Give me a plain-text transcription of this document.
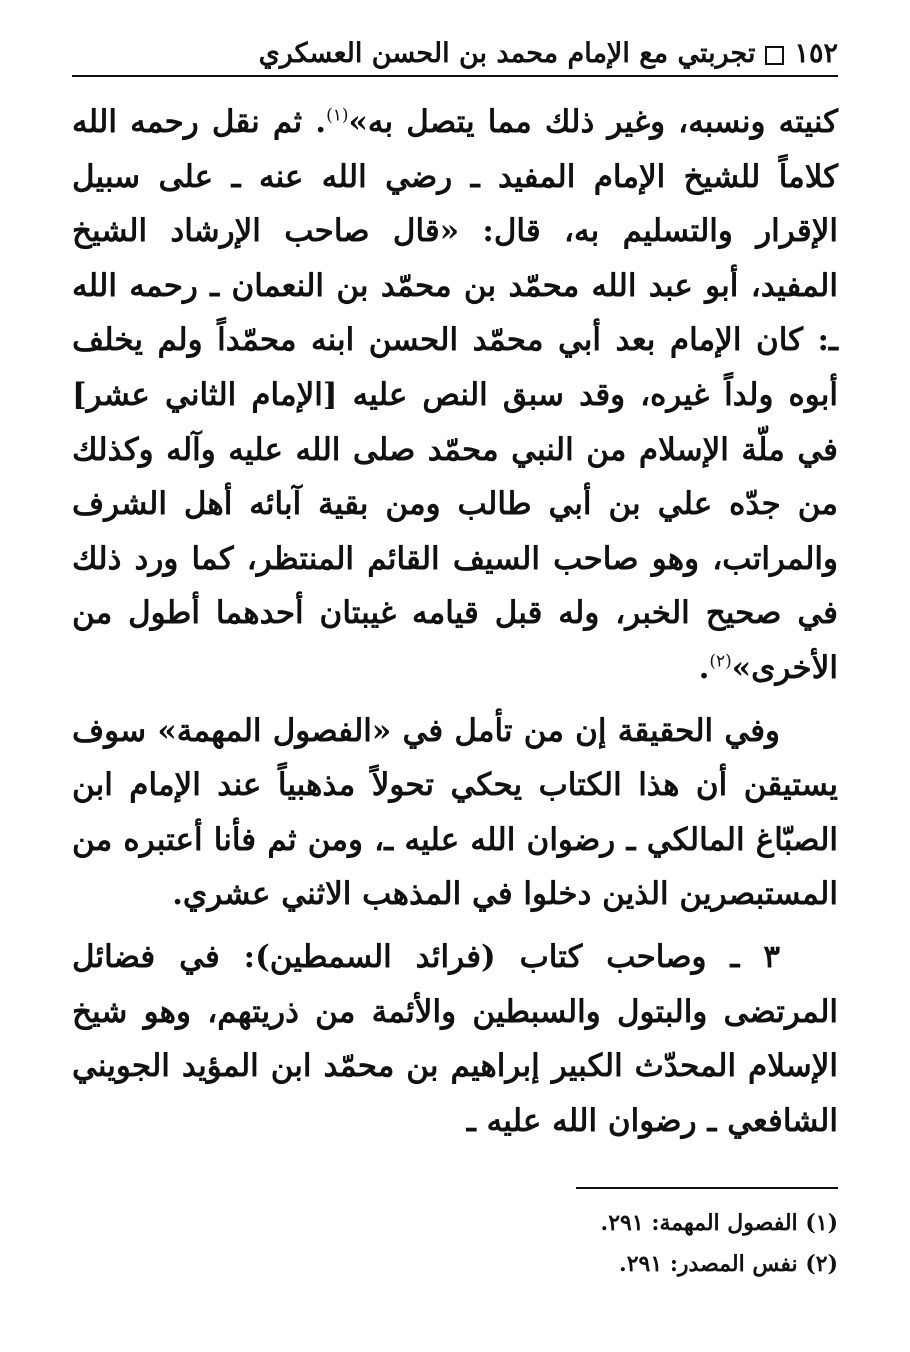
١٥٢
تجربتي مع الإمام محمد بن الحسن العسكري

كنيته ونسبه، وغير ذلك مما يتصل به»$^{(١)}$. ثم نقل رحمه الله كلاماً للشيخ الإمام المفيد ـ رضي الله عنه ـ على سبيل الإقرار والتسليم به، قال: «قال صاحب الإرشاد الشيخ المفيد، أبو عبد الله محمّد بن محمّد بن النعمان ـ رحمه الله ـ: كان الإمام بعد أبي محمّد الحسن ابنه محمّداً ولم يخلف أبوه ولداً غيره، وقد سبق النص عليه [الإمام الثاني عشر] في ملّة الإسلام من النبي محمّد صلى الله عليه وآله وكذلك من جدّه علي بن أبي طالب ومن بقية آبائه أهل الشرف والمراتب، وهو صاحب السيف القائم المنتظر، كما ورد ذلك في صحيح الخبر، وله قبل قيامه غيبتان أحدهما أطول من الأخرى»$^{(٢)}$.

وفي الحقيقة إن من تأمل في «الفصول المهمة» سوف يستيقن أن هذا الكتاب يحكي تحولاً مذهبياً عند الإمام ابن الصبّاغ المالكي ـ رضوان الله عليه ـ، ومن ثم فأنا أعتبره من المستبصرين الذين دخلوا في المذهب الاثني عشري.

٣ ـ وصاحب كتاب (فرائد السمطين): في فضائل المرتضى والبتول والسبطين والأئمة من ذريتهم، وهو شيخ الإسلام المحدّث الكبير إبراهيم بن محمّد ابن المؤيد الجويني الشافعي ـ رضوان الله عليه ـ

(١) الفصول المهمة: ٢٩١.

(٢) نفس المصدر: ٢٩١.
